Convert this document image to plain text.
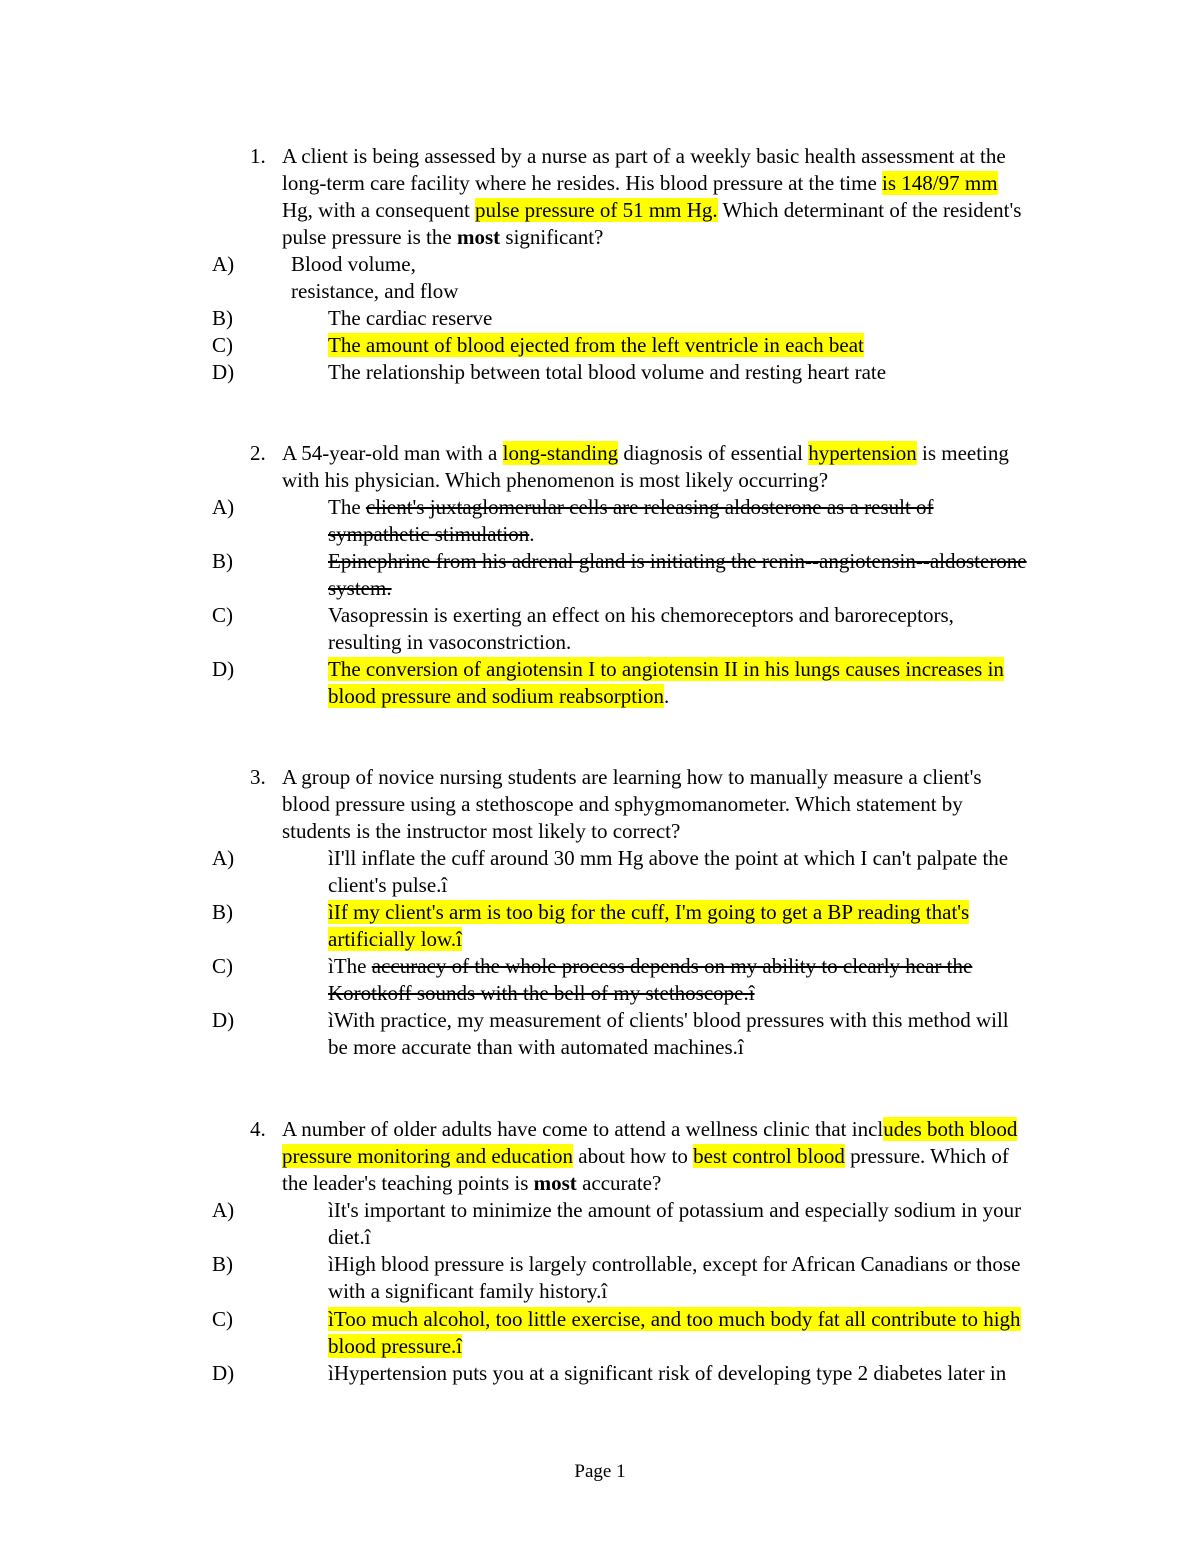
1. A client is being assessed by a nurse as part of a weekly basic health assessment at the
long-term care facility where he resides. His blood pressure at the time is 148/97 mm
Hg, with a consequent pulse pressure of 51 mm Hg. Which determinant of the resident's
pulse pressure is the most significant?
A)	Blood volume,
resistance, and flow
B)	The cardiac reserve
C)	The amount of blood ejected from the left ventricle in each beat
D)	The relationship between total blood volume and resting heart rate
2. A 54-year-old man with a long-standing diagnosis of essential hypertension is meeting
with his physician. Which phenomenon is most likely occurring?
A)	The client's juxtaglomerular cells are releasing aldosterone as a result of
sympathetic stimulation.
B)	Epinephrine from his adrenal gland is initiating the renin--angiotensin--aldosterone
system.
C)	Vasopressin is exerting an effect on his chemoreceptors and baroreceptors,
resulting in vasoconstriction.
D)	The conversion of angiotensin I to angiotensin II in his lungs causes increases in
blood pressure and sodium reabsorption.
3. A group of novice nursing students are learning how to manually measure a client's
blood pressure using a stethoscope and sphygmomanometer. Which statement by
students is the instructor most likely to correct?
A)	ìI'll inflate the cuff around 30 mm Hg above the point at which I can't palpate the
client's pulse.î
B)	ìIf my client's arm is too big for the cuff, I'm going to get a BP reading that's
artificially low.î
C)	ìThe accuracy of the whole process depends on my ability to clearly hear the
Korotkoff sounds with the bell of my stethoscope.î
D)	ìWith practice, my measurement of clients' blood pressures with this method will
be more accurate than with automated machines.î
4. A number of older adults have come to attend a wellness clinic that includes both blood
pressure monitoring and education about how to best control blood pressure. Which of
the leader's teaching points is most accurate?
A)	ìIt's important to minimize the amount of potassium and especially sodium in your
diet.î
B)	ìHigh blood pressure is largely controllable, except for African Canadians or those
with a significant family history.î
C)	ìToo much alcohol, too little exercise, and too much body fat all contribute to high
blood pressure.î
D)	ìHypertension puts you at a significant risk of developing type 2 diabetes later in
Page 1
